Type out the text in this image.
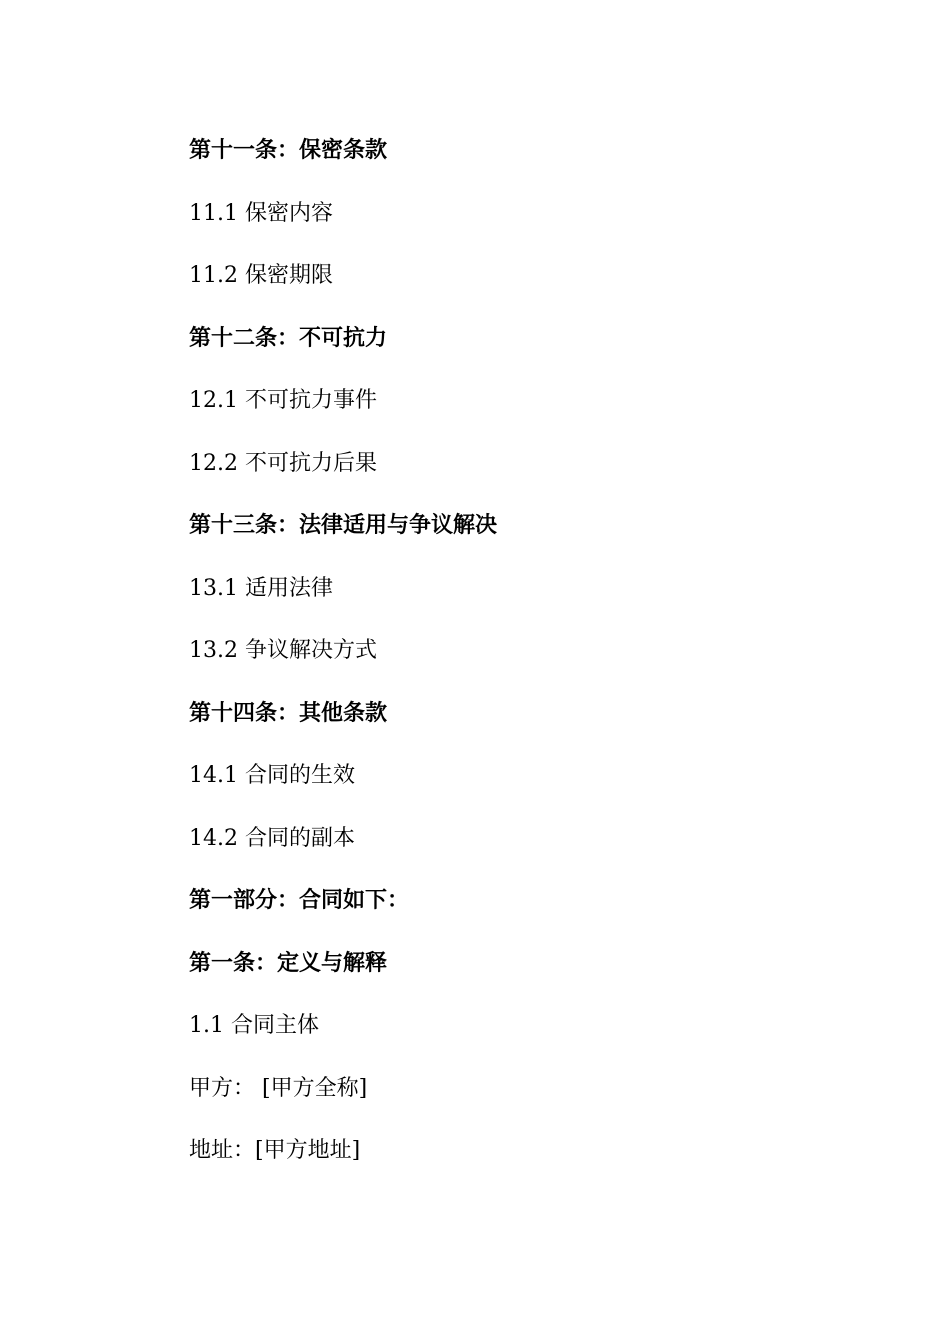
第十一条：保密条款
11.1 保密内容
11.2 保密期限
第十二条：不可抗力
12.1 不可抗力事件
12.2 不可抗力后果
第十三条：法律适用与争议解决
13.1 适用法律
13.2 争议解决方式
第十四条：其他条款
14.1 合同的生效
14.2 合同的副本
第一部分：合同如下：
第一条：定义与解释
1.1 合同主体
甲方： [甲方全称]
地址：[甲方地址]
